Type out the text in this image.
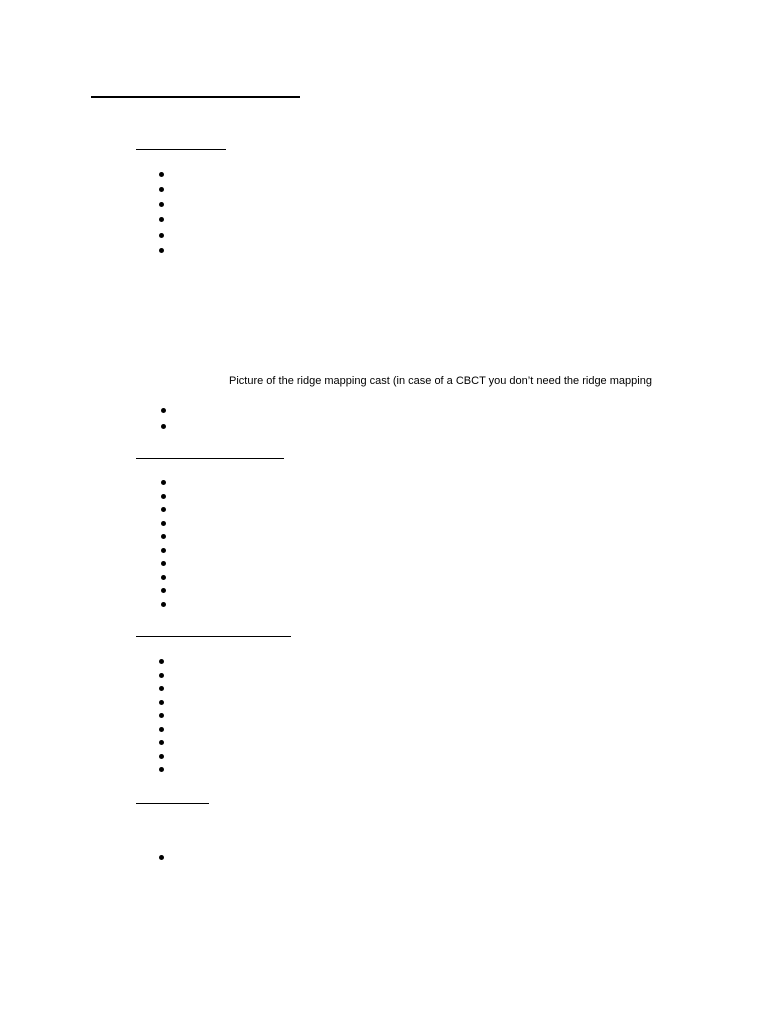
Picture of the ridge mapping cast (in case of a CBCT you don’t need the ridge mapping
